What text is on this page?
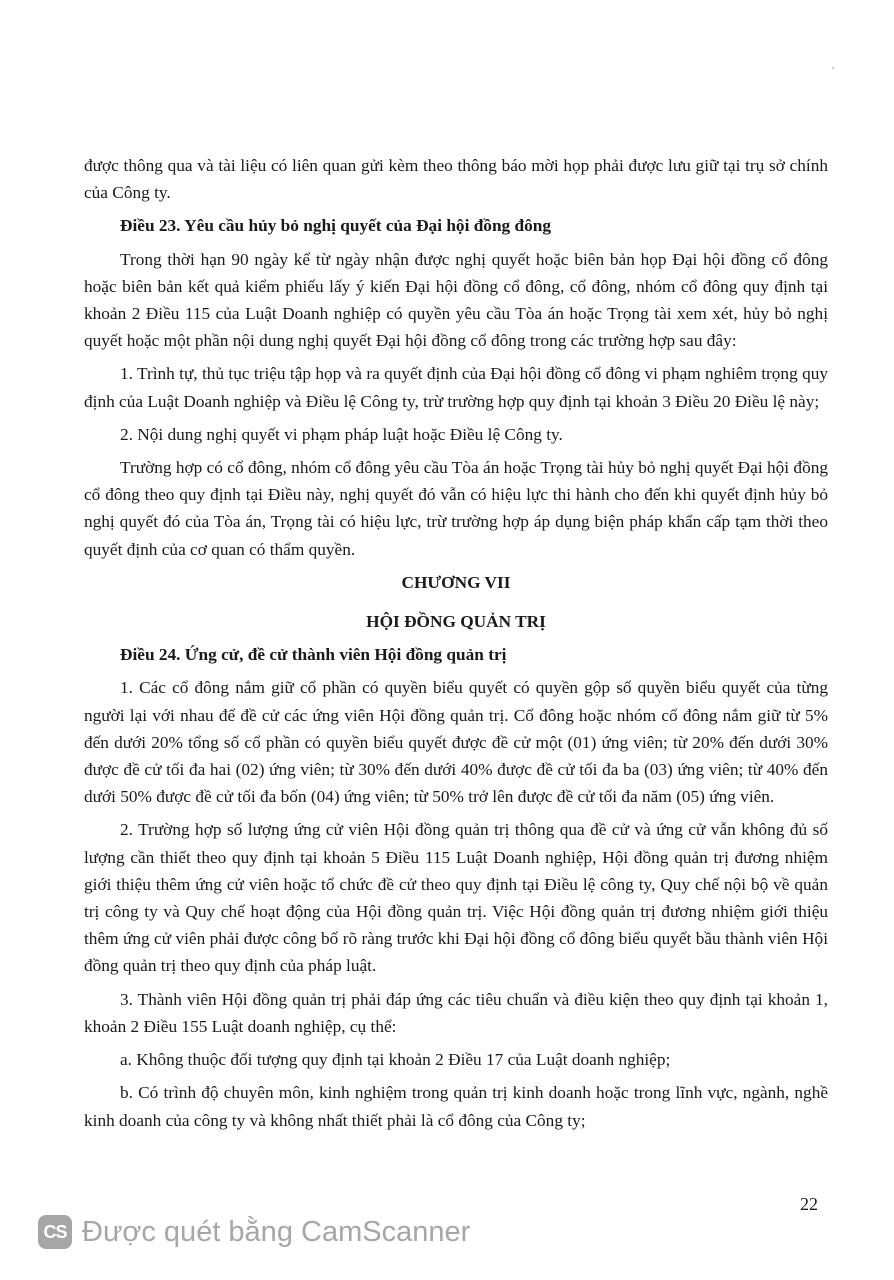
được thông qua và tài liệu có liên quan gửi kèm theo thông báo mời họp phải được lưu giữ tại trụ sở chính của Công ty.

Điều 23. Yêu cầu hủy bỏ nghị quyết của Đại hội đồng đông

Trong thời hạn 90 ngày kể từ ngày nhận được nghị quyết hoặc biên bản họp Đại hội đồng cổ đông hoặc biên bản kết quả kiểm phiếu lấy ý kiến Đại hội đồng cổ đông, cổ đông, nhóm cổ đông quy định tại khoản 2 Điều 115 của Luật Doanh nghiệp có quyền yêu cầu Tòa án hoặc Trọng tài xem xét, hủy bỏ nghị quyết hoặc một phần nội dung nghị quyết Đại hội đồng cổ đông trong các trường hợp sau đây:

1. Trình tự, thủ tục triệu tập họp và ra quyết định của Đại hội đồng cổ đông vi phạm nghiêm trọng quy định của Luật Doanh nghiệp và Điều lệ Công ty, trừ trường hợp quy định tại khoản 3 Điều 20 Điều lệ này;

2. Nội dung nghị quyết vi phạm pháp luật hoặc Điều lệ Công ty.

Trường hợp có cổ đông, nhóm cổ đông yêu cầu Tòa án hoặc Trọng tài hủy bỏ nghị quyết Đại hội đồng cổ đông theo quy định tại Điều này, nghị quyết đó vẫn có hiệu lực thi hành cho đến khi quyết định hủy bỏ nghị quyết đó của Tòa án, Trọng tài có hiệu lực, trừ trường hợp áp dụng biện pháp khẩn cấp tạm thời theo quyết định của cơ quan có thẩm quyền.

CHƯƠNG VII

HỘI ĐỒNG QUẢN TRỊ

Điều 24. Ứng cử, đề cử thành viên Hội đồng quản trị

1. Các cổ đông nắm giữ cổ phần có quyền biểu quyết có quyền gộp số quyền biểu quyết của từng người lại với nhau để đề cử các ứng viên Hội đồng quản trị. Cổ đông hoặc nhóm cổ đông nắm giữ từ 5% đến dưới 20% tổng số cổ phần có quyền biểu quyết được đề cử một (01) ứng viên; từ 20% đến dưới 30% được đề cử tối đa hai (02) ứng viên; từ 30% đến dưới 40% được đề cử tối đa ba (03) ứng viên; từ 40% đến dưới 50% được đề cử tối đa bốn (04) ứng viên; từ 50% trở lên được đề cử tối đa năm (05) ứng viên.

2. Trường hợp số lượng ứng cử viên Hội đồng quản trị thông qua đề cử và ứng cử vẫn không đủ số lượng cần thiết theo quy định tại khoản 5 Điều 115 Luật Doanh nghiệp, Hội đồng quản trị đương nhiệm giới thiệu thêm ứng cử viên hoặc tổ chức đề cử theo quy định tại Điều lệ công ty, Quy chế nội bộ về quản trị công ty và Quy chế hoạt động của Hội đồng quản trị. Việc Hội đồng quản trị đương nhiệm giới thiệu thêm ứng cử viên phải được công bố rõ ràng trước khi Đại hội đồng cổ đông biểu quyết bầu thành viên Hội đồng quản trị theo quy định của pháp luật.

3. Thành viên Hội đồng quản trị phải đáp ứng các tiêu chuẩn và điều kiện theo quy định tại khoản 1, khoản 2 Điều 155 Luật doanh nghiệp, cụ thể:

a. Không thuộc đối tượng quy định tại khoản 2 Điều 17 của Luật doanh nghiệp;

b. Có trình độ chuyên môn, kinh nghiệm trong quản trị kinh doanh hoặc trong lĩnh vực, ngành, nghề kinh doanh của công ty và không nhất thiết phải là cổ đông của Công ty;

22
CS Được quét bằng CamScanner
